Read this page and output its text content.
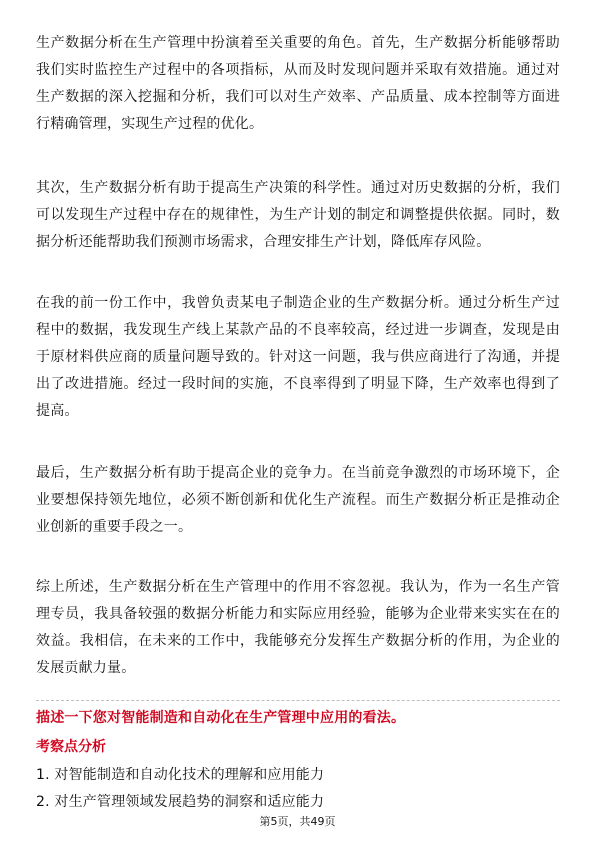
生产数据分析在生产管理中扮演着至关重要的角色。首先，生产数据分析能够帮助我们实时监控生产过程中的各项指标，从而及时发现问题并采取有效措施。通过对生产数据的深入挖掘和分析，我们可以对生产效率、产品质量、成本控制等方面进行精确管理，实现生产过程的优化。

其次，生产数据分析有助于提高生产决策的科学性。通过对历史数据的分析，我们可以发现生产过程中存在的规律性，为生产计划的制定和调整提供依据。同时，数据分析还能帮助我们预测市场需求，合理安排生产计划，降低库存风险。

在我的前一份工作中，我曾负责某电子制造企业的生产数据分析。通过分析生产过程中的数据，我发现生产线上某款产品的不良率较高，经过进一步调查，发现是由于原材料供应商的质量问题导致的。针对这一问题，我与供应商进行了沟通，并提出了改进措施。经过一段时间的实施，不良率得到了明显下降，生产效率也得到了提高。

最后，生产数据分析有助于提高企业的竞争力。在当前竞争激烈的市场环境下，企业要想保持领先地位，必须不断创新和优化生产流程。而生产数据分析正是推动企业创新的重要手段之一。

综上所述，生产数据分析在生产管理中的作用不容忽视。我认为，作为一名生产管理专员，我具备较强的数据分析能力和实际应用经验，能够为企业带来实实在在的效益。我相信，在未来的工作中，我能够充分发挥生产数据分析的作用，为企业的发展贡献力量。

描述一下您对智能制造和自动化在生产管理中应用的看法。
考察点分析
1. 对智能制造和自动化技术的理解和应用能力
2. 对生产管理领域发展趋势的洞察和适应能力
第5页，共49页
